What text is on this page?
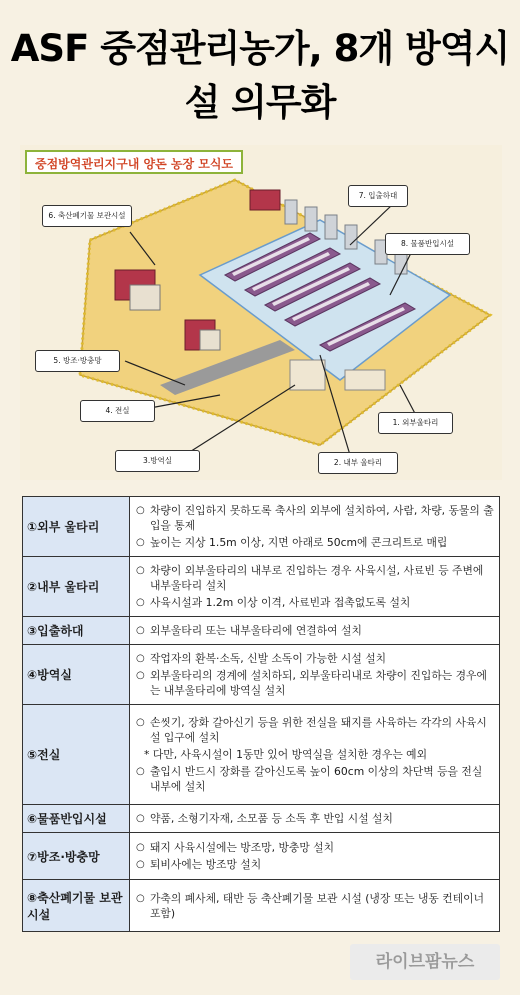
ASF 중점관리농가, 8개 방역시설 의무화
중점방역관리지구내 양돈 농장 모식도
6. 축산폐기물 보관시설
7. 입출하대
8. 물품반입시설
5. 방조·방충망
4. 전실
3.방역실	2. 내부 울타리
1. 외부울타리
①외부 울타리	○ 차량이 진입하지 못하도록 축사의 외부에 설치하여, 사람, 차량, 동물의 출입을 통제
○ 높이는 지상 1.5m 이상, 지면 아래로 50cm에 콘크리트로 매립

②내부 울타리	○ 차량이 외부울타리의 내부로 진입하는 경우 사육시설, 사료빈 등 주변에 내부울타리 설치
○ 사육시설과 1.2m 이상 이격, 사료빈과 접촉없도록 설치

③입출하대	○ 외부울타리 또는 내부울타리에 연결하여 설치

④방역실	○ 작업자의 환복·소독, 신발 소독이 가능한 시설 설치
○ 외부울타리의 경계에 설치하되, 외부울타리내로 차량이 진입하는 경우에는 내부울타리에 방역실 설치

⑤전실	○ 손씻기, 장화 갈아신기 등을 위한 전실을 돼지를 사육하는 각각의 사육시설 입구에 설치
* 다만, 사육시설이 1동만 있어 방역실을 설치한 경우는 예외
○ 출입시 반드시 장화를 갈아신도록 높이 60cm 이상의 차단벽 등을 전실 내부에 설치

⑥물품반입시설	○ 약품, 소형기자재, 소모품 등 소독 후 반입 시설 설치

⑦방조·방충망	○ 돼지 사육시설에는 방조망, 방충망 설치
○ 퇴비사에는 방조망 설치

⑧축산폐기물 보관시설	○ 가축의 폐사체, 태반 등 축산폐기물 보관 시설 (냉장 또는 냉동 컨테이너 포함)
라이브팜뉴스
